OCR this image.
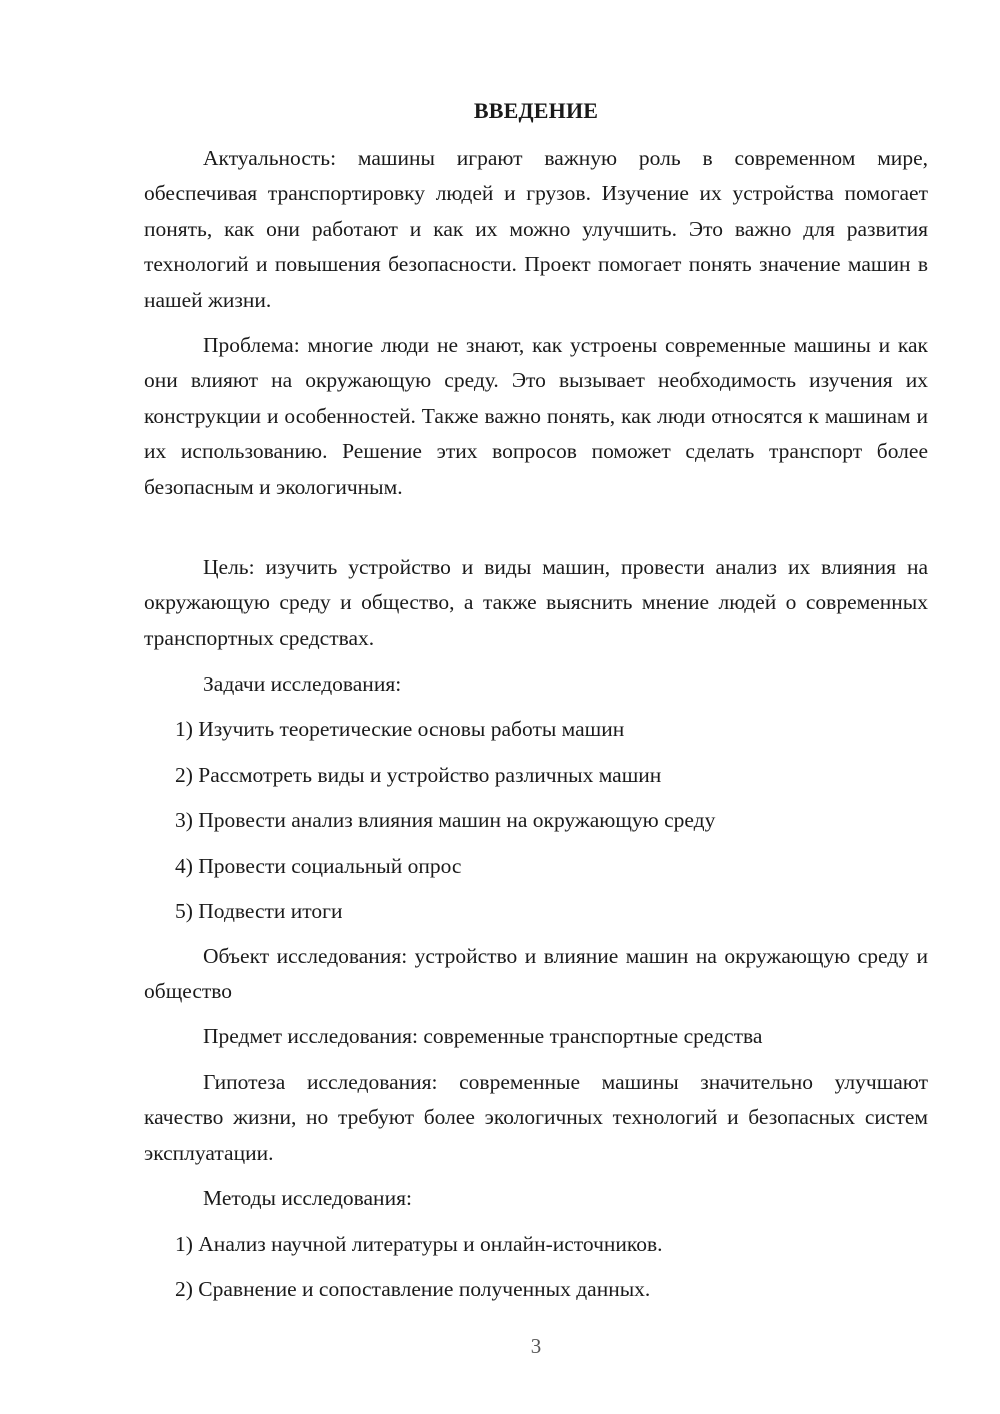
ВВЕДЕНИЕ

Актуальность: машины играют важную роль в современном мире, обеспечивая транспортировку людей и грузов. Изучение их устройства помогает понять, как они работают и как их можно улучшить. Это важно для развития технологий и повышения безопасности. Проект помогает понять значение машин в нашей жизни.

Проблема: многие люди не знают, как устроены современные машины и как они влияют на окружающую среду. Это вызывает необходимость изучения их конструкции и особенностей. Также важно понять, как люди относятся к машинам и их использованию. Решение этих вопросов поможет сделать транспорт более безопасным и экологичным.

Цель: изучить устройство и виды машин, провести анализ их влияния на окружающую среду и общество, а также выяснить мнение людей о современных транспортных средствах.

Задачи исследования:

1) Изучить теоретические основы работы машин

2) Рассмотреть виды и устройство различных машин

3) Провести анализ влияния машин на окружающую среду

4) Провести социальный опрос

5) Подвести итоги

Объект исследования: устройство и влияние машин на окружающую среду и общество

Предмет исследования: современные транспортные средства

Гипотеза исследования: современные машины значительно улучшают качество жизни, но требуют более экологичных технологий и безопасных систем эксплуатации.

Методы исследования:

1) Анализ научной литературы и онлайн-источников.

2) Сравнение и сопоставление полученных данных.

3
